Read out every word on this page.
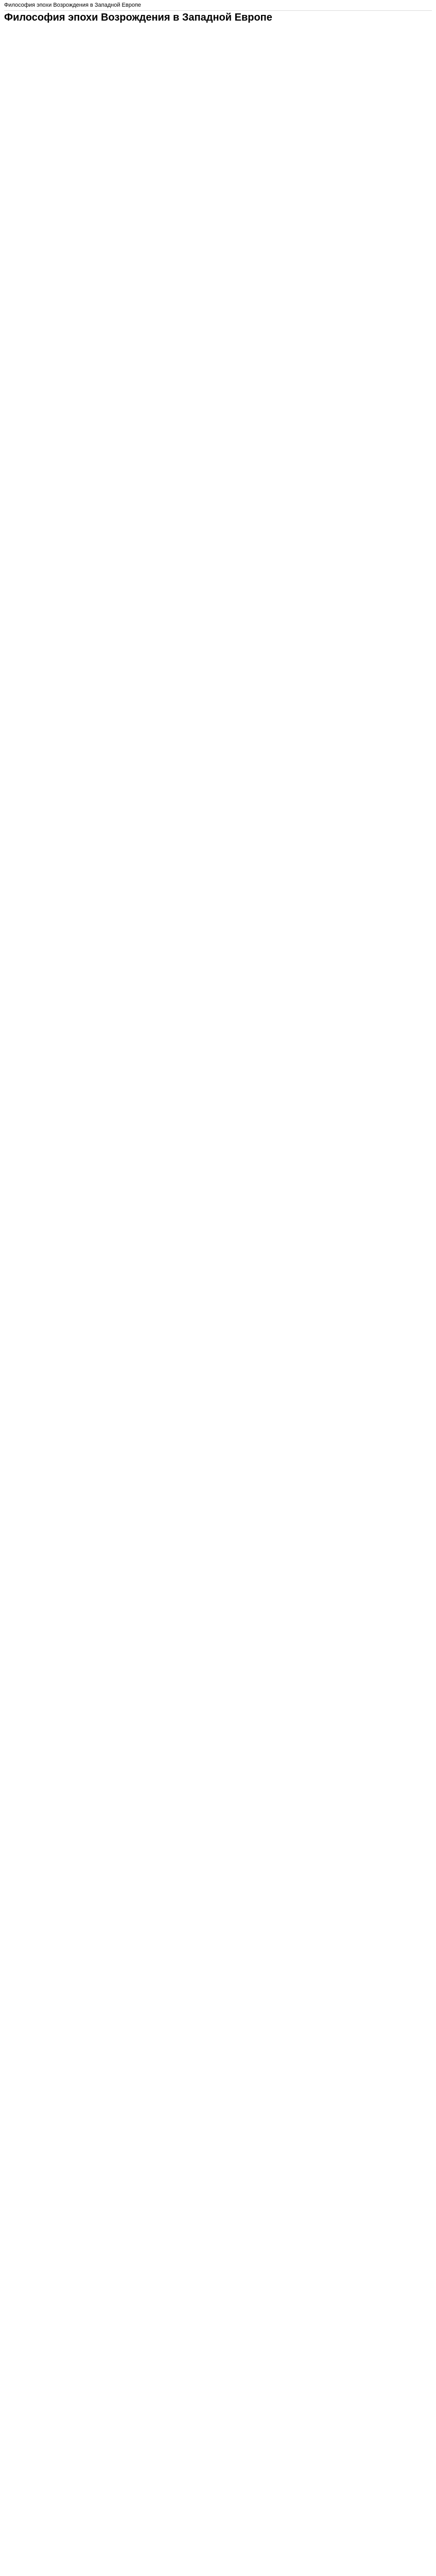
Философия эпохи Возрождения в Западной Европе
Философия эпохи Возрождения в Западной Европе
